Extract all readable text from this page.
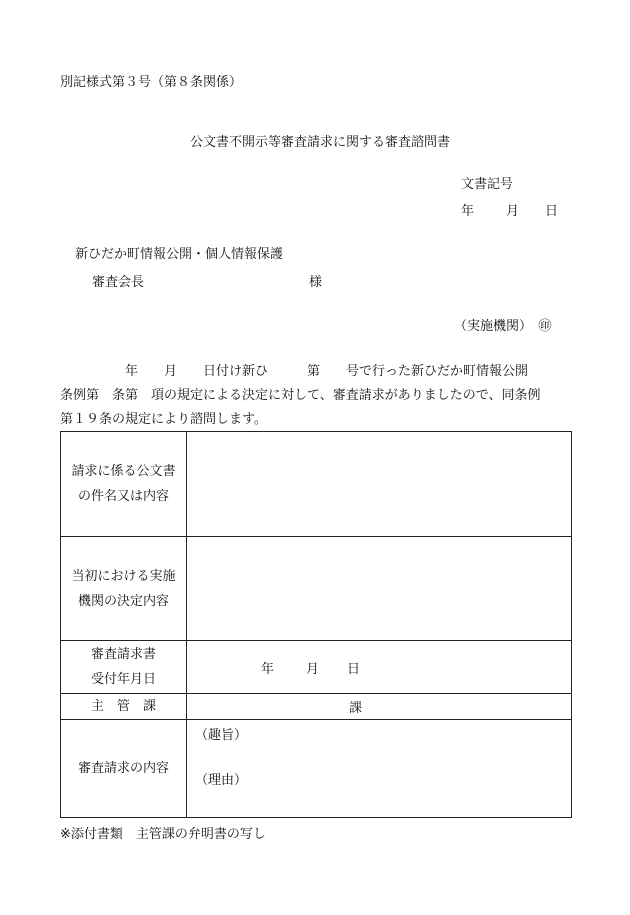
別記様式第３号（第８条関係）
公文書不開示等審査請求に関する審査諮問書
文書記号
年 月 日
新ひだか町情報公開・個人情報保護
審査会長	様
（実施機関）　㊞
　　　　　年　　月　　日付け新ひ　　　第　　号で行った新ひだか町情報公開
条例第　条第　項の規定による決定に対して、審査請求がありましたので、同条例
第１９条の規定により諮問します。
請求に係る公文書
の件名又は内容	

当初における実施
機関の決定内容	

審査請求書
受付年月日	年 月 日

主　管　課	課

審査請求の内容	（趣旨）
（理由）
※添付書類　主管課の弁明書の写し
